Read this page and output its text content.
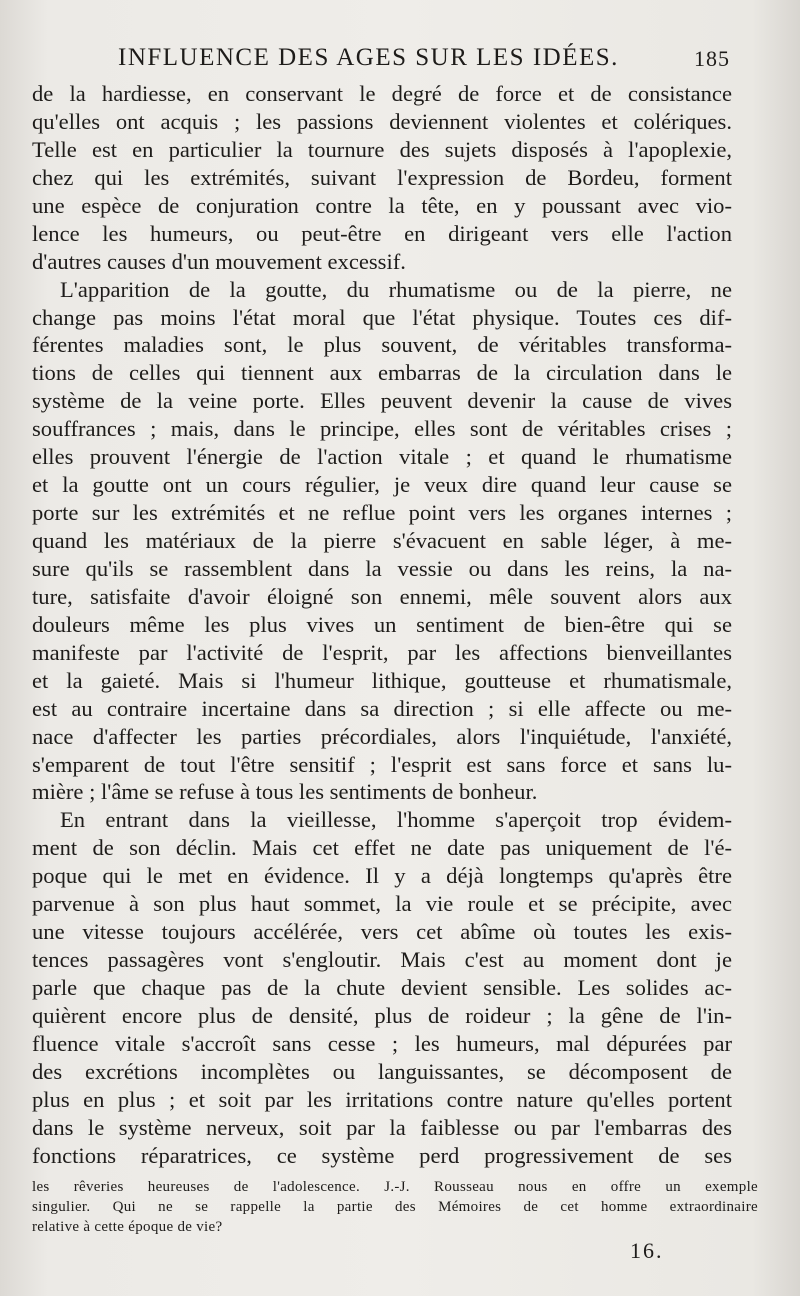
INFLUENCE DES AGES SUR LES IDÉES.	185
de la hardiesse, en conservant le degré de force et de consistance
qu'elles ont acquis ; les passions deviennent violentes et colériques.
Telle est en particulier la tournure des sujets disposés à l'apoplexie,
chez qui les extrémités, suivant l'expression de Bordeu, forment
une espèce de conjuration contre la tête, en y poussant avec vio-
lence les humeurs, ou peut-être en dirigeant vers elle l'action
d'autres causes d'un mouvement excessif.
L'apparition de la goutte, du rhumatisme ou de la pierre, ne
change pas moins l'état moral que l'état physique. Toutes ces dif-
férentes maladies sont, le plus souvent, de véritables transforma-
tions de celles qui tiennent aux embarras de la circulation dans le
système de la veine porte. Elles peuvent devenir la cause de vives
souffrances ; mais, dans le principe, elles sont de véritables crises ;
elles prouvent l'énergie de l'action vitale ; et quand le rhumatisme
et la goutte ont un cours régulier, je veux dire quand leur cause se
porte sur les extrémités et ne reflue point vers les organes internes ;
quand les matériaux de la pierre s'évacuent en sable léger, à me-
sure qu'ils se rassemblent dans la vessie ou dans les reins, la na-
ture, satisfaite d'avoir éloigné son ennemi, mêle souvent alors aux
douleurs même les plus vives un sentiment de bien-être qui se
manifeste par l'activité de l'esprit, par les affections bienveillantes
et la gaieté. Mais si l'humeur lithique, goutteuse et rhumatismale,
est au contraire incertaine dans sa direction ; si elle affecte ou me-
nace d'affecter les parties précordiales, alors l'inquiétude, l'anxiété,
s'emparent de tout l'être sensitif ; l'esprit est sans force et sans lu-
mière ; l'âme se refuse à tous les sentiments de bonheur.
En entrant dans la vieillesse, l'homme s'aperçoit trop évidem-
ment de son déclin. Mais cet effet ne date pas uniquement de l'é-
poque qui le met en évidence. Il y a déjà longtemps qu'après être
parvenue à son plus haut sommet, la vie roule et se précipite, avec
une vitesse toujours accélérée, vers cet abîme où toutes les exis-
tences passagères vont s'engloutir. Mais c'est au moment dont je
parle que chaque pas de la chute devient sensible. Les solides ac-
quièrent encore plus de densité, plus de roideur ; la gêne de l'in-
fluence vitale s'accroît sans cesse ; les humeurs, mal dépurées par
des excrétions incomplètes ou languissantes, se décomposent de
plus en plus ; et soit par les irritations contre nature qu'elles portent
dans le système nerveux, soit par la faiblesse ou par l'embarras des
fonctions réparatrices, ce système perd progressivement de ses
les rêveries heureuses de l'adolescence. J.-J. Rousseau nous en offre un exemple
singulier. Qui ne se rappelle la partie des Mémoires de cet homme extraordinaire
relative à cette époque de vie?
16.
